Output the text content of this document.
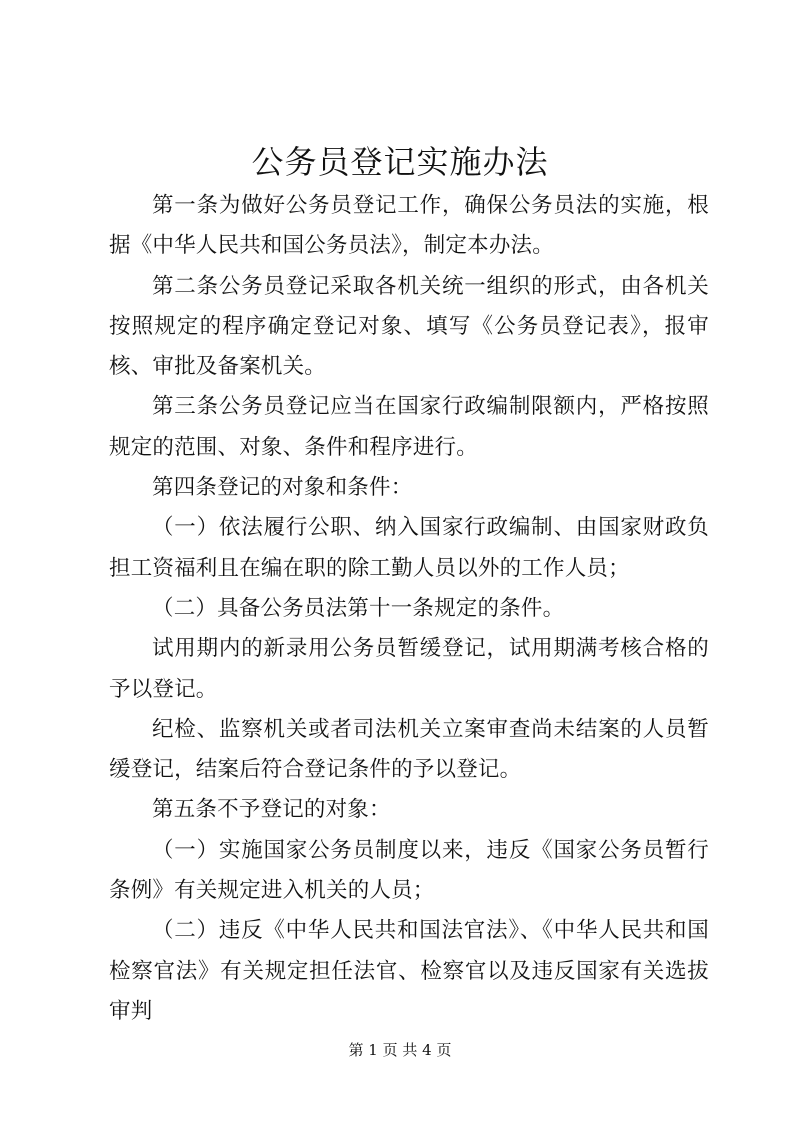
公务员登记实施办法

第一条为做好公务员登记工作，确保公务员法的实施，根据《中华人民共和国公务员法》，制定本办法。

第二条公务员登记采取各机关统一组织的形式，由各机关按照规定的程序确定登记对象、填写《公务员登记表》，报审核、审批及备案机关。

第三条公务员登记应当在国家行政编制限额内，严格按照规定的范围、对象、条件和程序进行。

第四条登记的对象和条件：

（一）依法履行公职、纳入国家行政编制、由国家财政负担工资福利且在编在职的除工勤人员以外的工作人员；

（二）具备公务员法第十一条规定的条件。

试用期内的新录用公务员暂缓登记，试用期满考核合格的予以登记。

纪检、监察机关或者司法机关立案审查尚未结案的人员暂缓登记，结案后符合登记条件的予以登记。

第五条不予登记的对象：

（一）实施国家公务员制度以来，违反《国家公务员暂行条例》有关规定进入机关的人员；

（二）违反《中华人民共和国法官法》、《中华人民共和国检察官法》有关规定担任法官、检察官以及违反国家有关选拔审判

第 1 页 共 4 页
